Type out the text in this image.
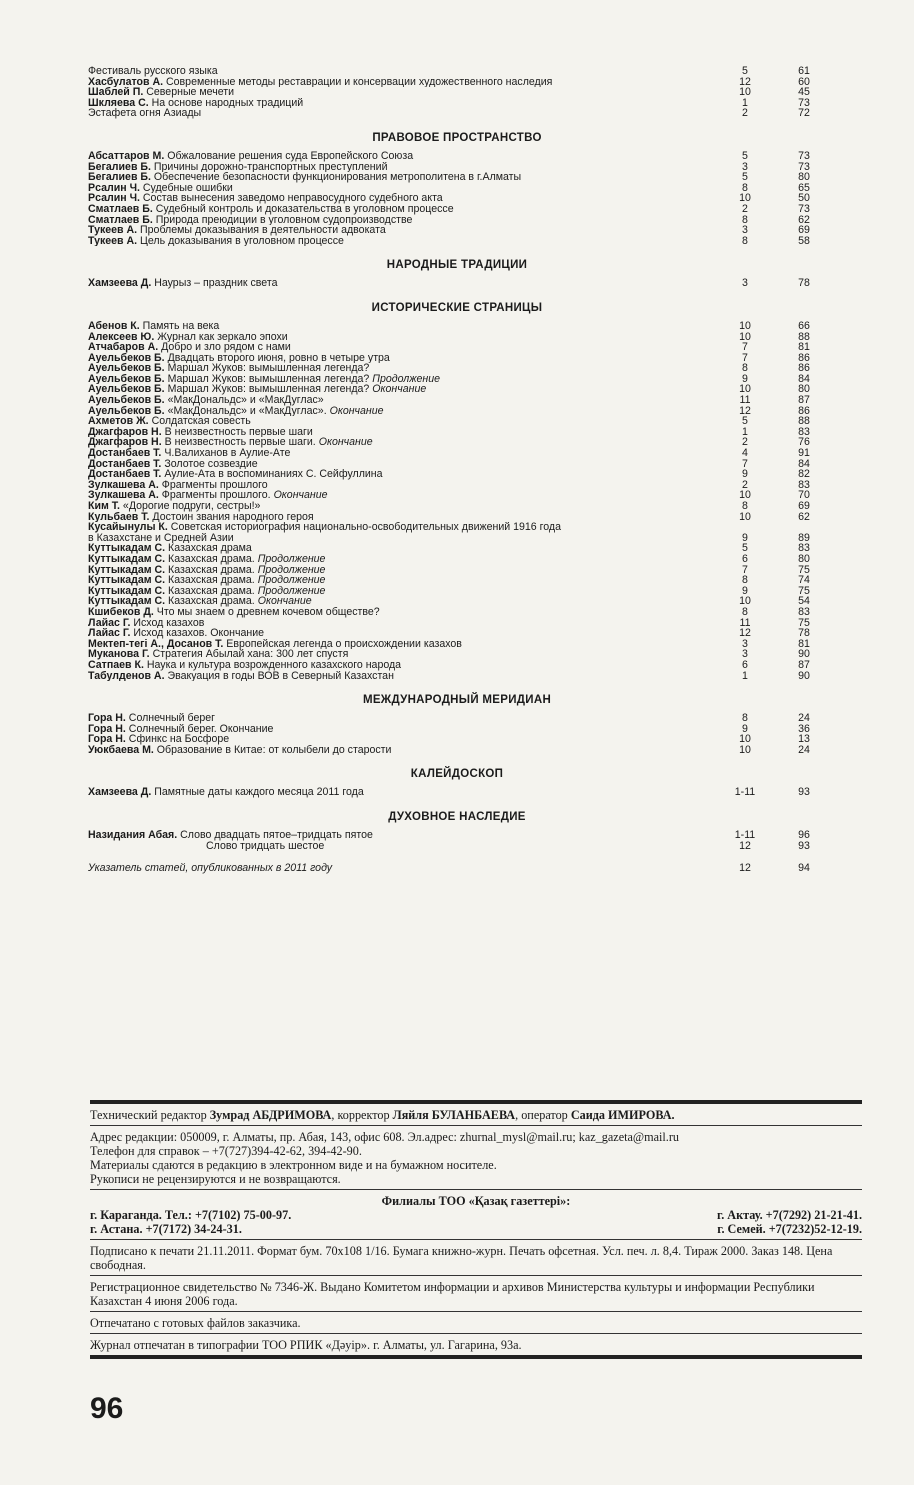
Фестиваль русского языка	5	61
Хасбулатов А. Современные методы реставрации и консервации художественного наследия	12	60
Шаблей П. Северные мечети	10	45
Шкляева С. На основе народных традиций	1	73
Эстафета огня Азиады	2	72
ПРАВОВОЕ ПРОСТРАНСТВО
Абсаттаров М. Обжалование решения суда Европейского Союза	5	73
Бегалиев Б. Причины дорожно-транспортных преступлений	3	73
Бегалиев Б. Обеспечение безопасности функционирования метрополитена в г.Алматы	5	80
Рсалин Ч. Судебные ошибки	8	65
Рсалин Ч. Состав вынесения заведомо неправосудного судебного акта	10	50
Сматлаев Б. Судебный контроль и доказательства в уголовном процессе	2	73
Сматлаев Б. Природа преюдиции в уголовном судопроизводстве	8	62
Тукеев А. Проблемы доказывания в деятельности адвоката	3	69
Тукеев А. Цель доказывания в уголовном процессе	8	58
НАРОДНЫЕ ТРАДИЦИИ
Хамзеева Д. Наурыз – праздник света	3	78
ИСТОРИЧЕСКИЕ СТРАНИЦЫ
Абенов К. Память на века	10	66
Алексеев Ю. Журнал как зеркало эпохи	10	88
Атчабаров А. Добро и зло рядом с нами	7	81
Ауельбеков Б. Двадцать второго июня, ровно в четыре утра	7	86
Ауельбеков Б. Маршал Жуков: вымышленная легенда?	8	86
Ауельбеков Б. Маршал Жуков: вымышленная легенда? Продолжение	9	84
Ауельбеков Б. Маршал Жуков: вымышленная легенда? Окончание	10	80
Ауельбеков Б. «МакДональдс» и «МакДуглас»	11	87
Ауельбеков Б. «МакДональдс» и «МакДуглас». Окончание	12	86
Ахметов Ж. Солдатская совесть	5	88
Джагфаров Н. В неизвестность первые шаги	1	83
Джагфаров Н. В неизвестность первые шаги. Окончание	2	76
Достанбаев Т. Ч.Валиханов в Аулие-Ате	4	91
Достанбаев Т. Золотое созвездие	7	84
Достанбаев Т. Аулие-Ата в воспоминаниях С. Сейфуллина	9	82
Зулкашева А. Фрагменты прошлого	2	83
Зулкашева А. Фрагменты прошлого. Окончание	10	70
Ким Т. «Дорогие подруги, сестры!»	8	69
Кульбаев Т. Достоин звания народного героя	10	62
Кусайынулы К. Советская историография национально-освободительных движений 1916 года
в Казахстане и Средней Азии	9	89
Куттыкадам С. Казахская драма	5	83
Куттыкадам С. Казахская драма. Продолжение	6	80
Куттыкадам С. Казахская драма. Продолжение	7	75
Куттыкадам С. Казахская драма. Продолжение	8	74
Куттыкадам С. Казахская драма. Продолжение	9	75
Куттыкадам С. Казахская драма. Окончание	10	54
Кшибеков Д. Что мы знаем о древнем кочевом обществе?	8	83
Лайас Г. Исход казахов	11	75
Лайас Г. Исход казахов. Окончание	12	78
Мектеп-тегі А., Досанов Т. Европейская легенда о происхождении казахов	3	81
Муканова Г. Стратегия Абылай хана: 300 лет спустя	3	90
Сатпаев К. Наука и культура возрожденного казахского народа	6	87
Табулденов А. Эвакуация в годы ВОВ в Северный Казахстан	1	90
МЕЖДУНАРОДНЫЙ МЕРИДИАН
Гора Н. Солнечный берег	8	24
Гора Н. Солнечный берег. Окончание	9	36
Гора Н. Сфинкс на Босфоре	10	13
Уюкбаева М. Образование в Китае: от колыбели до старости	10	24
КАЛЕЙДОСКОП
Хамзеева Д. Памятные даты каждого месяца 2011 года	1-11	93
ДУХОВНОЕ НАСЛЕДИЕ
Назидания Абая. Слово двадцать пятое–тридцать пятое	1-11	96
Слово тридцать шестое	12	93
Указатель статей, опубликованных в 2011 году	12	94
Технический редактор Зумрад АБДРИМОВА, корректор Ляйля БУЛАНБАЕВА, оператор Саида ИМИРОВА.
Адрес редакции: 050009, г. Алматы, пр. Абая, 143, офис 608. Эл.адрес: zhurnal_mysl@mail.ru; kaz_gazeta@mail.ru
Телефон для справок – +7(727)394-42-62, 394-42-90.
Материалы сдаются в редакцию в электронном виде и на бумажном носителе.
Рукописи не рецензируются и не возвращаются.
Филиалы ТОО «Қазақ газеттері»:
г. Караганда. Тел.: +7(7102) 75-00-97.	г. Актау. +7(7292) 21-21-41.
г. Астана. +7(7172) 34-24-31.	г. Семей. +7(7232)52-12-19.
Подписано к печати 21.11.2011. Формат бум. 70х108 1/16. Бумага книжно-журн. Печать офсетная. Усл. печ. л. 8,4. Тираж 2000. Заказ 148. Цена свободная.
Регистрационное свидетельство № 7346-Ж. Выдано Комитетом информации и архивов Министерства культуры и информации Республики Казахстан 4 июня 2006 года.
Отпечатано с готовых файлов заказчика.
Журнал отпечатан в типографии ТОО РПИК «Дәуір». г. Алматы, ул. Гагарина, 93а.
96
